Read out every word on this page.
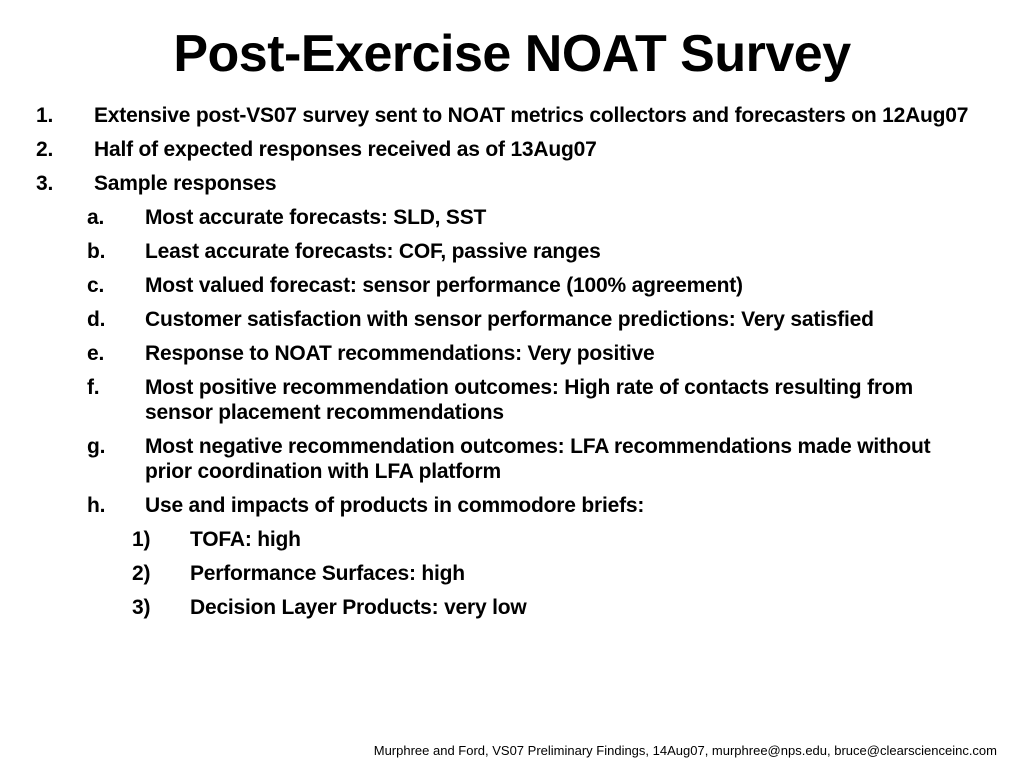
Post-Exercise NOAT Survey
1. Extensive post-VS07 survey sent to NOAT metrics collectors and forecasters on 12Aug07
2. Half of expected responses received as of 13Aug07
3. Sample responses
a. Most accurate forecasts: SLD, SST
b. Least accurate forecasts: COF, passive ranges
c. Most valued forecast: sensor performance (100% agreement)
d. Customer satisfaction with sensor performance predictions: Very satisfied
e. Response to NOAT recommendations: Very positive
f. Most positive recommendation outcomes: High rate of contacts resulting from sensor placement recommendations
g. Most negative recommendation outcomes: LFA recommendations made without prior coordination with LFA platform
h. Use and impacts of products in commodore briefs:
1) TOFA: high
2) Performance Surfaces: high
3) Decision Layer Products: very low
Murphree and Ford, VS07 Preliminary Findings, 14Aug07, murphree@nps.edu, bruce@clearscienceinc.com
